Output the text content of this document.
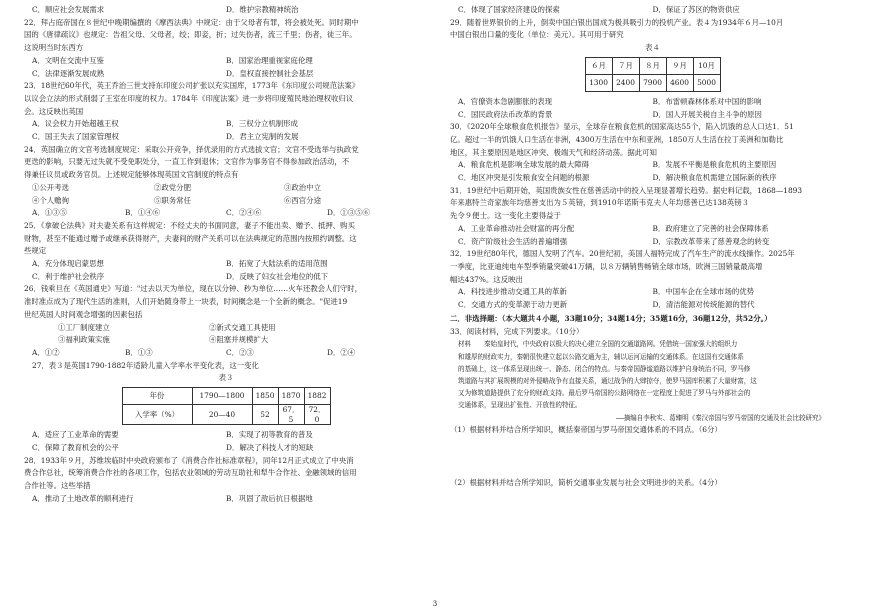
C．顺应社会发展需求	D．维护宗教精神统治
22．拜占庭帝国在８世纪中晚期编撰的《摩西法典》中规定：由于父母者有罪，将会被处死。同时期中
国的《唐律疏议》也规定：告祖父母、父母者，绞；即妾，折；过失伤者，流三千里；伤者，徒三年。
这说明当时东西方
A．文明在交流中互鉴	B．国家治理重视家庭伦理
C．法律逐渐发展成熟	D．皇权直接控制社会基层
23．18世纪60年代，英王乔治三世支持东印度公司扩张以充实国库，1773年《东印度公司规范法案》
以议会立法的形式削弱了王室在印度的权力。1784年《印度法案》进一步将印度殖民地治理权收归议
会。这反映出英国
A．议会权力开始超越王权	B．三权分立机制形成
C．国王失去了国家管理权	D．君主立宪制的发展
24．英国确立的文官考选制度规定：采取公开竞争，择优录用的方式选拔文官；文官不受选举与执政党
更迭的影响，只要无过失就不受免职处分，一直工作到退休；文官作为事务官不得参加政治活动，不
得兼任议员或政务官员。上述规定能够体现英国文官制度的特点有
①公开考选	②政党分肥	③政治中立
④个人赡徇	⑤职务常任	⑥西官分途
A．①③⑤	B．①④⑥	C．②④⑥	D．①③⑤⑥
25．《拿破仑法典》对夫妻关系有这样规定：不经丈夫的书面同意，妻子不能出卖、赠予、抵押、购买
财物，甚至不能通过赠予或继承获得财产，夫妻间的财产关系可以在法典规定的范围内按照约调整。这
些规定
A．充分体现启蒙思想	B．拓宽了大陆法系的适用范围
C．利于维护社会秩序	D．反映了妇女社会地位的低下
26．钱乘旦在《英国通史》写道："过去以天为单位，现在以分钟、秒为单位……火车还教会人们守时，
准时准点成为了现代生活的准则，人们开始随身带上一块表，时间概念是一个全新的概念。"促进19
世纪英国人时间观念增强的因素包括
①工厂制度建立	②新式交通工具使用
③福利政策实施	④阻塞并规模扩大
A．①②	B．①③	C．②③	D．②④
27．表３是英国1790-1882年适龄儿童入学率水平变化表，这一变化
表３
年份	1790—1800	1850	1870	1882
入学率（%）	20—40	52	67．5	72．0
A．适应了工业革命的需要	B．实现了初等教育的普及
C．保障了教育机会的公平	D．解决了科技人才的短缺
28．1933年９月，苏维埃临时中央政府颁布了《消费合作社标准章程》，同年12月正式成立了中央消
费合作总社，统筹消费合作社的各项工作，包括农业领域的劳动互助社和犁牛合作社、金融领域的信用
合作社等。这些举措
A．推动了土地改革的顺利进行	B．巩固了敌后抗日根据地
C．体现了国家经济建设的探索	D．保证了苏区的物资供应
29．随着世界银价的上升，倒卖中国白银出国成为极具吸引力的投机产业。表４为1934年６月—10月
中国白银出口量的变化（单位：美元）。其可用于研究
表４
６月	７月	８月	９月	10月
1300	2400	7900	4600	5000
A．官僚资本急剧膨胀的表现	B．布雷顿森林体系对中国的影响
C．国民政府法币改革的背景	D．国人开展关税自主斗争的原因
30．《2020年全球粮食危机报告》显示，全球存在粮食危机的国家高达55个，陷入饥饿的总人口达1．51
亿。超过一半的饥饿人口生活在非洲，4300万生活在中东和亚洲，1850万人生活在拉丁美洲和加勒比
地区，其主要原因是地区冲突、极端天气和经济动荡。据此可知
A．粮食危机是影响全球发展的最大障碍	B．发展不平衡是粮食危机的主要原因
C．地区冲突是引发粮食安全问题的根源	D．解决粮食危机需建立国际新的秩序
31．19世纪中后期开始，英国贵族女性在慈善活动中的投入呈现显著增长趋势。据史料记载，1868—1893
年来惠特兰奇家族年均慈善支出为５英镑，到1910年诺斯韦克夫人年均慈善已达138英镑３
先令９便士。这一变化主要得益于
A．工业革命推动社会财富的再分配	B．政府建立了完善的社会保障体系
C．资产阶级社会生活的普遍增强	D．宗教改革带来了慈善观念的转变
32．19世纪80年代，德国人发明了汽车。20世纪初，美国人福特完成了汽车生产的流水线操作。2025年
一季度，比亚迪纯电车型季销量突破41万辆，以８万辆销售畅销全球市场，欧洲三国销量最高增
幅达437%。这反映出
A．科技进步推动交通工具的革新	B．中国车企在全球市场的优势
C．交通方式的变革源于动力更新	D．清洁能源对传统能源的替代
二．非选择题：（本大题共４小题，33题10分；34题14分；35题16分，36题12分，共52分。）
33．阅读材料，完成下列要求。（10分）
材料　　秦始皇时代，中央政府以极大的决心建立全国的交通道路网。凭借统一国家强大的组织力
和雄厚的财政实力，秦朝很快建立起以公路交通为主，辅以运河运输的交通体系。在这国有交通体系
的基础上，这一体系呈现出统一、静态、闭合的特点。与秦帝国静谧道路以维护自身统治不同，罗马修
筑道路与其扩展规模的对外侵略战争有直接关系，通过战争的大肆掠夺，使罗马国库积累了大量财富，这
又为修筑道路提供了充分的财政支持。最后罗马帝国的公路网络在一定程度上促进了罗马与外部社会的
交通体系，呈现出扩张性、开放性的特征。
——摘编自李秋实、葛臻明《秦汉帝国与罗马帝国的交通及社会比较研究》
（1）根据材料并结合所学知识，概括秦帝国与罗马帝国交通体系的不同点。（6分）
（2）根据材料并结合所学知识，简析交通事业发展与社会文明进步的关系。（4分）
3
